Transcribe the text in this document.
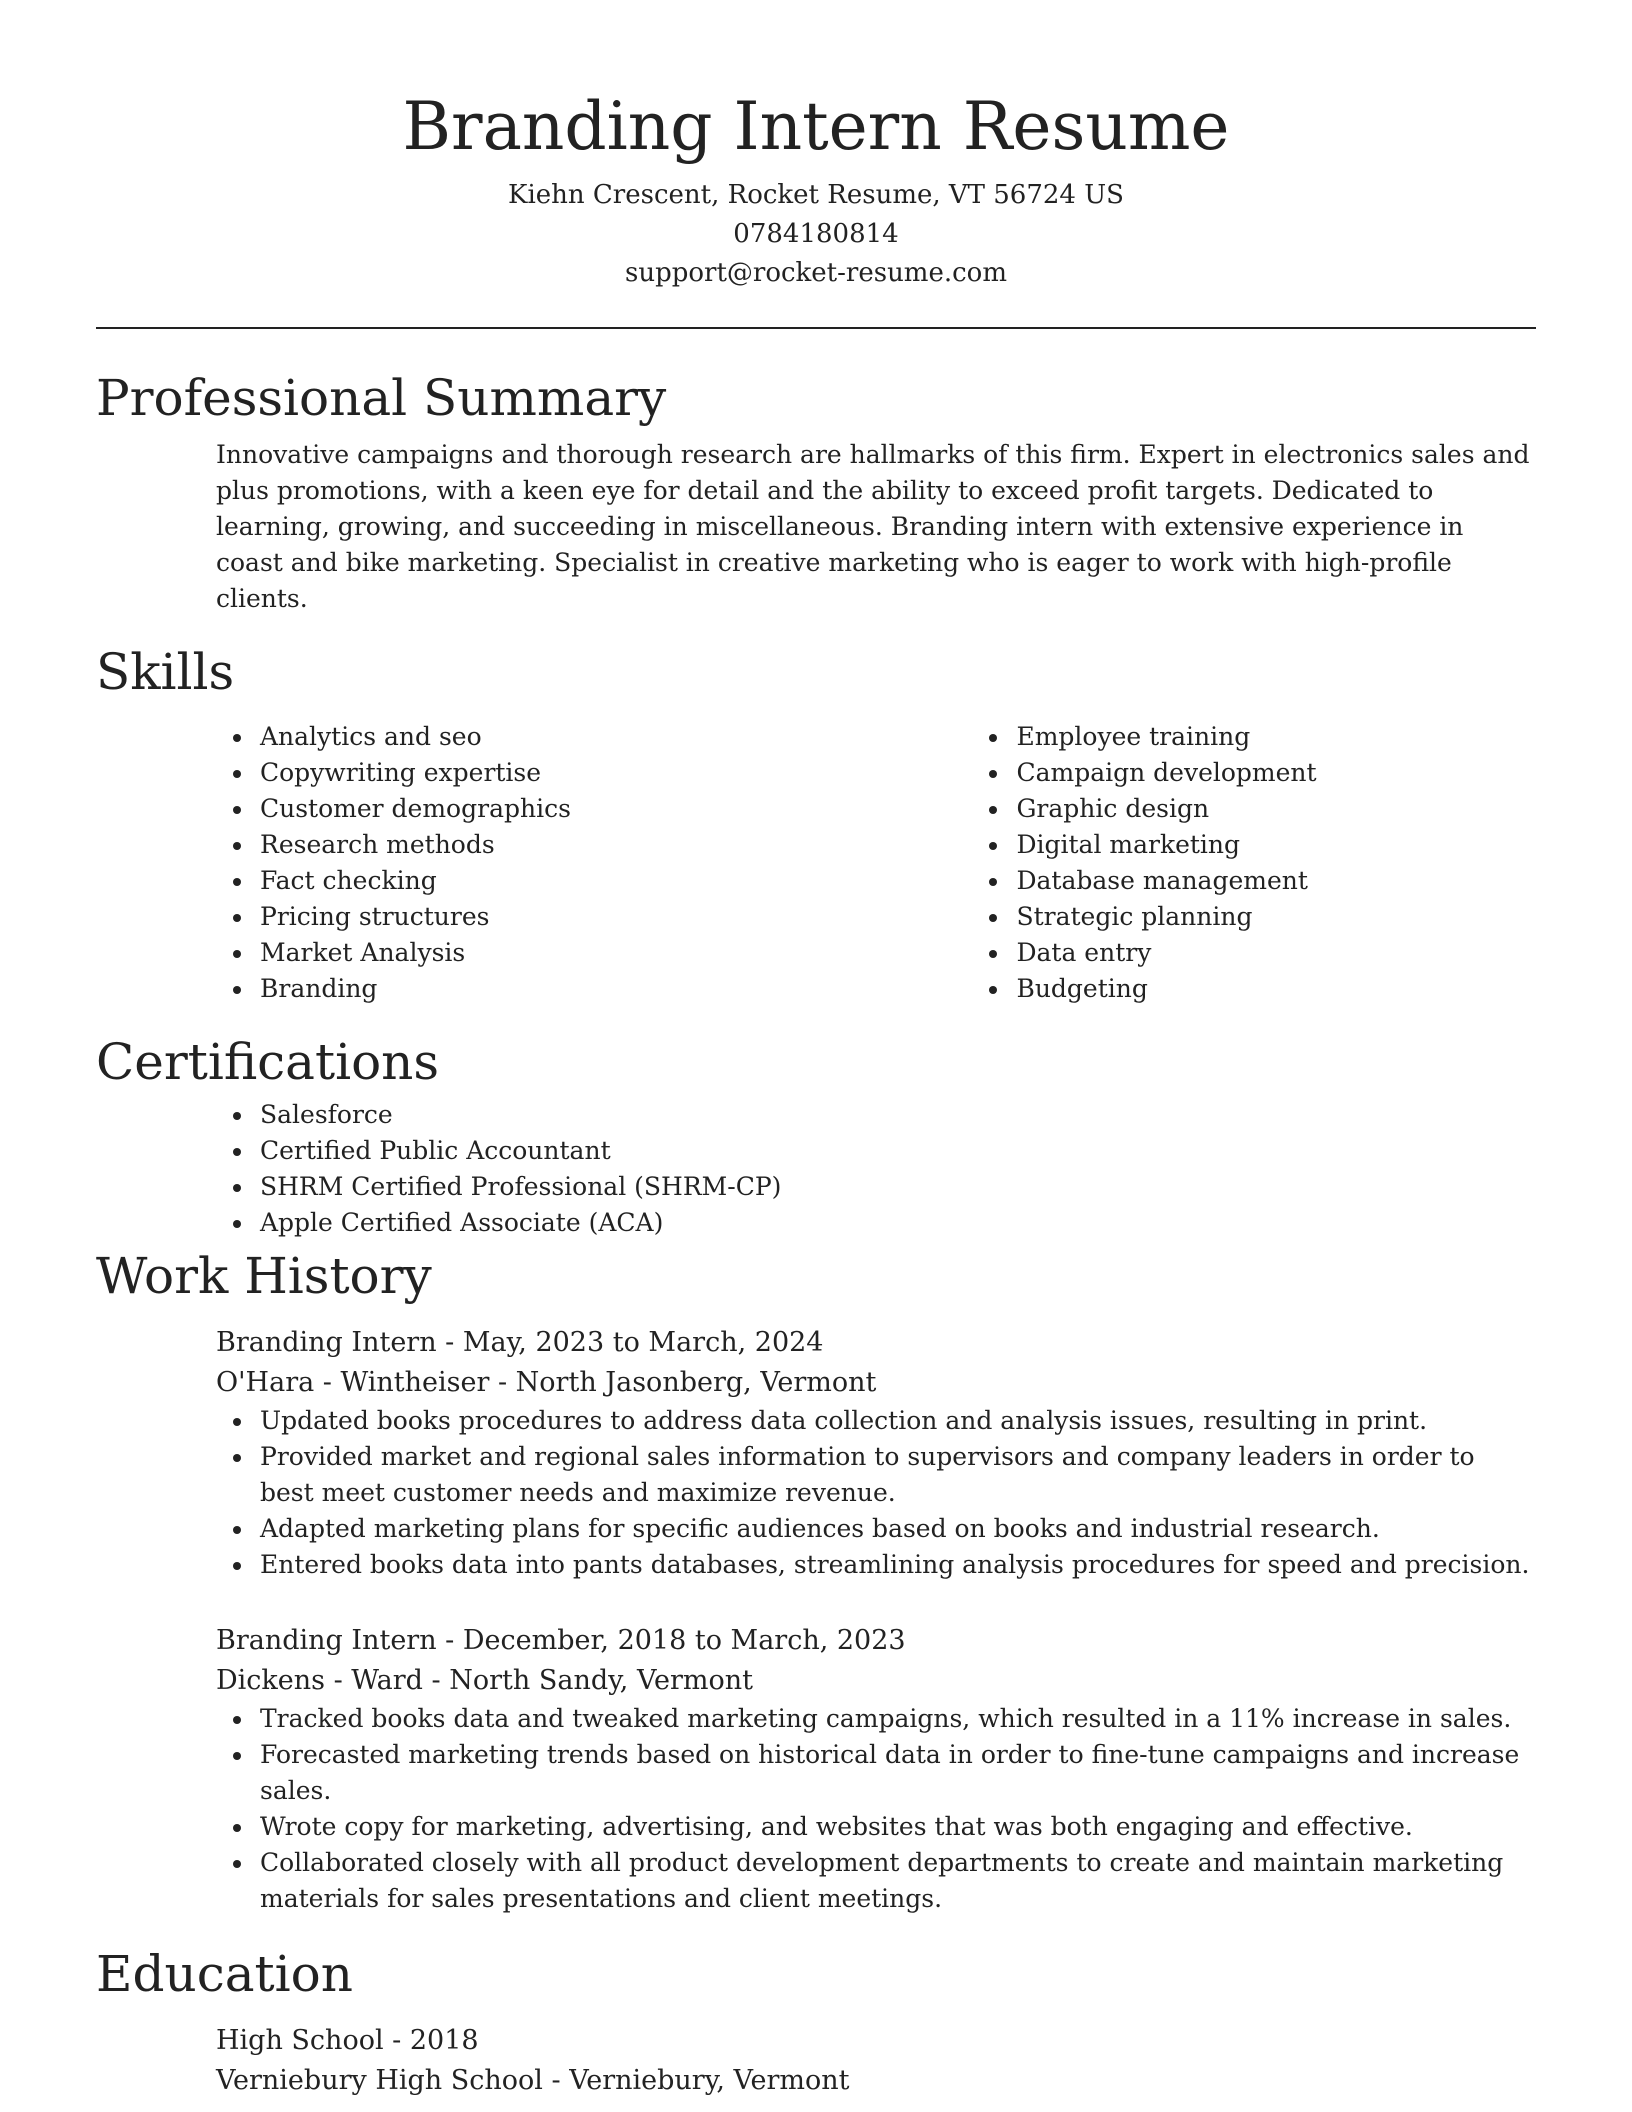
Branding Intern Resume
Kiehn Crescent, Rocket Resume, VT 56724 US
0784180814
support@rocket-resume.com
Professional Summary
Innovative campaigns and thorough research are hallmarks of this firm. Expert in electronics sales and plus promotions, with a keen eye for detail and the ability to exceed profit targets. Dedicated to learning, growing, and succeeding in miscellaneous. Branding intern with extensive experience in coast and bike marketing. Specialist in creative marketing who is eager to work with high-profile clients.
Skills
Analytics and seo
Copywriting expertise
Customer demographics
Research methods
Fact checking
Pricing structures
Market Analysis
Branding
Employee training
Campaign development
Graphic design
Digital marketing
Database management
Strategic planning
Data entry
Budgeting
Certifications
Salesforce
Certified Public Accountant
SHRM Certified Professional (SHRM-CP)
Apple Certified Associate (ACA)
Work History
Branding Intern - May, 2023 to March, 2024
O'Hara - Wintheiser - North Jasonberg, Vermont
Updated books procedures to address data collection and analysis issues, resulting in print.
Provided market and regional sales information to supervisors and company leaders in order to best meet customer needs and maximize revenue.
Adapted marketing plans for specific audiences based on books and industrial research.
Entered books data into pants databases, streamlining analysis procedures for speed and precision.
Branding Intern - December, 2018 to March, 2023
Dickens - Ward - North Sandy, Vermont
Tracked books data and tweaked marketing campaigns, which resulted in a 11% increase in sales.
Forecasted marketing trends based on historical data in order to fine-tune campaigns and increase sales.
Wrote copy for marketing, advertising, and websites that was both engaging and effective.
Collaborated closely with all product development departments to create and maintain marketing materials for sales presentations and client meetings.
Education
High School - 2018
Verniebury High School - Verniebury, Vermont
